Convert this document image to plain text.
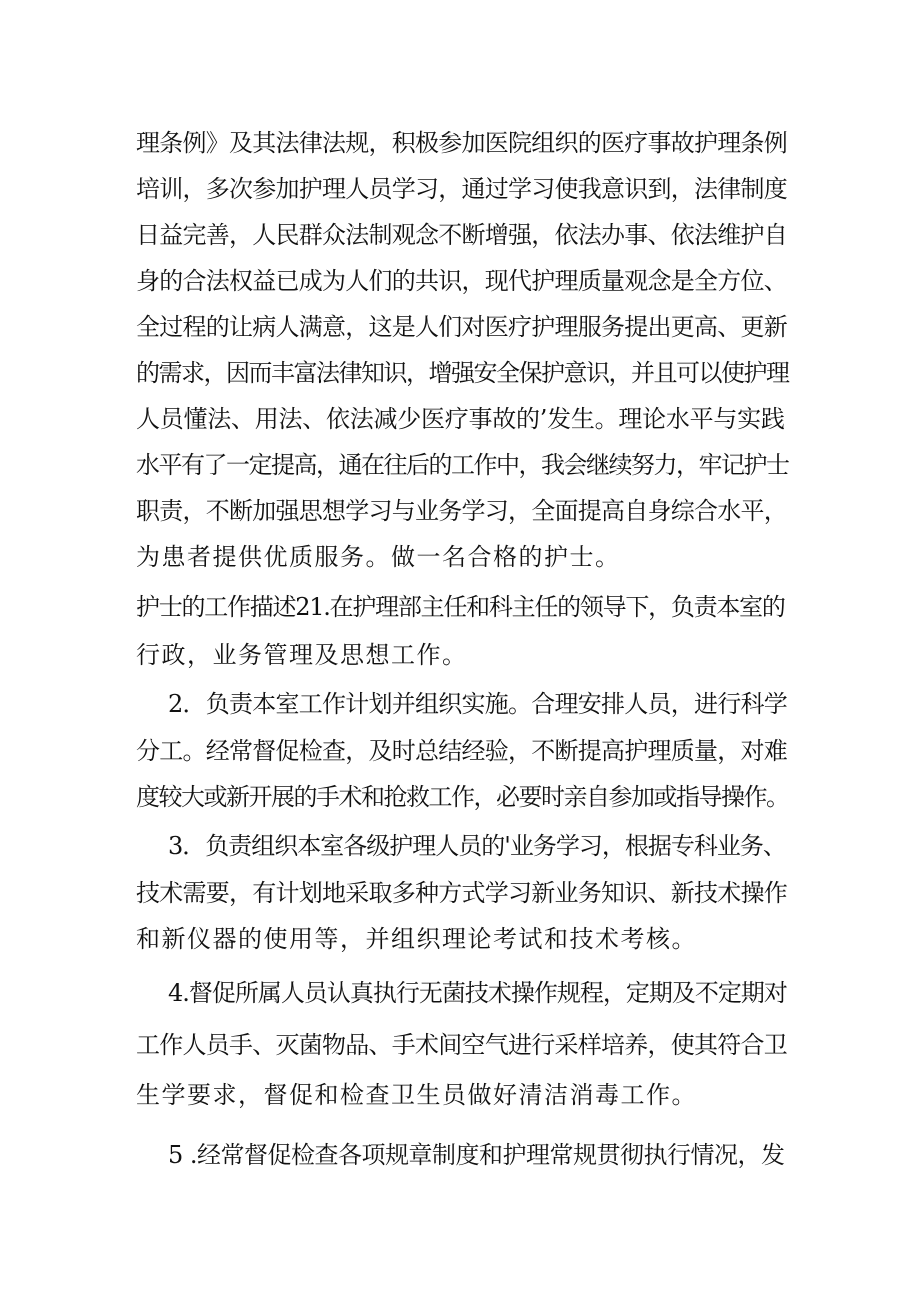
理条例》及其法律法规，积极参加医院组织的医疗事故护理条例
培训，多次参加护理人员学习，通过学习使我意识到，法律制度
日益完善，人民群众法制观念不断增强，依法办事、依法维护自
身的合法权益已成为人们的共识，现代护理质量观念是全方位、
全过程的让病人满意，这是人们对医疗护理服务提出更高、更新
的需求，因而丰富法律知识，增强安全保护意识，并且可以使护理
人员懂法、用法、依法减少医疗事故的’发生。理论水平与实践
水平有了一定提高，通在往后的工作中，我会继续努力，牢记护士
职责，不断加强思想学习与业务学习，全面提高自身综合水平，
为患者提供优质服务。做一名合格的护士。
护士的工作描述21.在护理部主任和科主任的领导下，负责本室的
行政，业务管理及思想工作。
2．负责本室工作计划并组织实施。合理安排人员，进行科学
分工。经常督促检查，及时总结经验，不断提高护理质量，对难
度较大或新开展的手术和抢救工作，必要时亲自参加或指导操作。
3．负责组织本室各级护理人员的'业务学习，根据专科业务、
技术需要，有计划地采取多种方式学习新业务知识、新技术操作
和新仪器的使用等，并组织理论考试和技术考核。
4.督促所属人员认真执行无菌技术操作规程，定期及不定期对
工作人员手、灭菌物品、手术间空气进行采样培养，使其符合卫
生学要求，督促和检查卫生员做好清洁消毒工作。
5 .经常督促检查各项规章制度和护理常规贯彻执行情况，发
